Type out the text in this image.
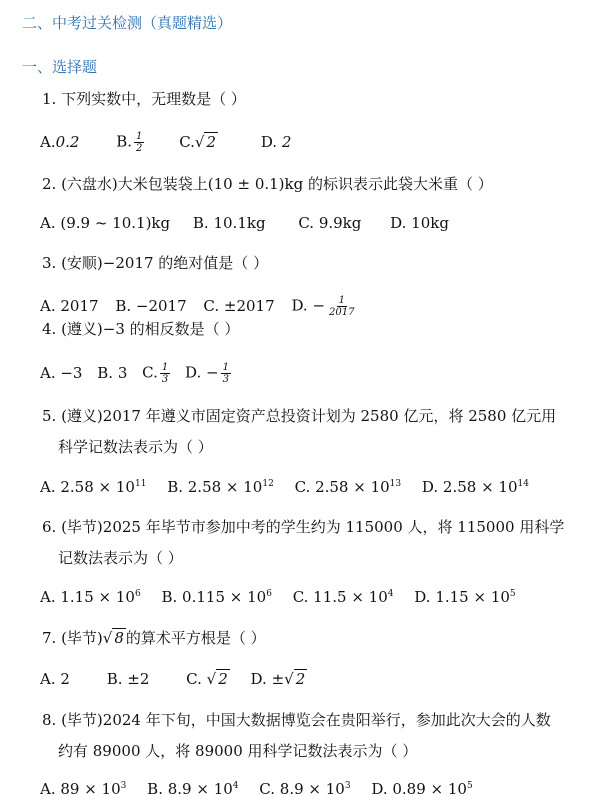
二、中考过关检测（真题精选）
一、选择题
1. 下列实数中，无理数是（ ）
A.0.2 B. $\frac{1}{2} C.√$ 2	D. 2
2. (六盘水)大米包装袋上(10 ± 0.1)kg 的标识表示此袋大米重（ ）
A. (9.9 ~ 10.1)kg B. 10.1kg C. 9.9kg D. 10kg
3. (安顺)−2017 的绝对值是（ ）
A. 2017 B. −2017 C. ±2017 D. − $\frac{1}{2017}$
4. (遵义)−3 的相反数是（ ）
A. −3 B. 3 C. $\frac{1}{3} D$. − $\frac{1}{3}$
5. (遵义)2017 年遵义市固定资产总投资计划为 2580 亿元，将 2580 亿元用
科学记数法表示为（ ）
A. $2.58 \times 10^{11}$ B. $2.58 \times 10^{12}$ C. $2.58 \times 10^{13}$ D. $2.58 \times 10^{14}$
6. (毕节)2025 年毕节市参加中考的学生约为 115000 人，将 115000 用科学
记数法表示为（ ）
A. $1.15 \times 10^6$ B. $0.115 \times 10^6$ C. $11.5 \times 10^4$ D. $1.15 \times 10^5$
7. (毕节)√ 8 的算术平方根是（ ）
A. 2 B. ±2 C. √ 2 D. ±√ 2
8. (毕节)2024 年下旬，中国大数据博览会在贵阳举行，参加此次大会的人数
约有 89000 人，将 89000 用科学记数法表示为（ ）
A. $89 \times 10^3$ B. $8.9 \times 10^4$ C. $8.9 \times 10^3$ D. $0.89 \times 10^5$
